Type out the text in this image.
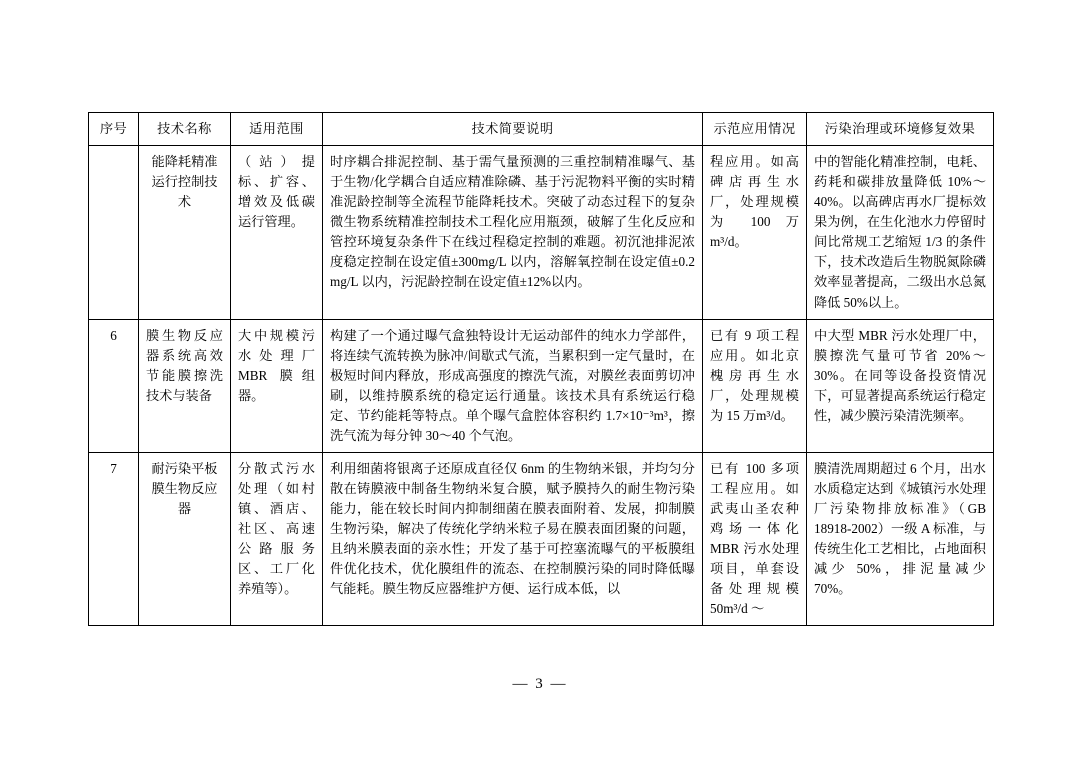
序号	技术名称	适用范围	技术简要说明	示范应用情况	污染治理或环境修复效果
	能降耗精准运行控制技术	（站）提标、扩容、增效及低碳运行管理。	时序耦合排泥控制、基于需气量预测的三重控制精准曝气、基于生物/化学耦合自适应精准除磷、基于污泥物料平衡的实时精准泥龄控制等全流程节能降耗技术。突破了动态过程下的复杂微生物系统精准控制技术工程化应用瓶颈，破解了生化反应和管控环境复杂条件下在线过程稳定控制的难题。初沉池排泥浓度稳定控制在设定值±300mg/L 以内，溶解氧控制在设定值±0.2 mg/L 以内，污泥龄控制在设定值±12%以内。	程应用。如高碑店再生水厂，处理规模为 100 万m³/d。	中的智能化精准控制，电耗、药耗和碳排放量降低 10%～40%。以高碑店再水厂提标效果为例，在生化池水力停留时间比常规工艺缩短 1/3 的条件下，技术改造后生物脱氮除磷效率显著提高，二级出水总氮降低 50%以上。
6	膜生物反应器系统高效节能膜擦洗技术与装备	大中规模污水处理厂MBR 膜组器。	构建了一个通过曝气盒独特设计无运动部件的纯水力学部件，将连续气流转换为脉冲/间歇式气流，当累积到一定气量时，在极短时间内释放，形成高强度的擦洗气流，对膜丝表面剪切冲刷，以维持膜系统的稳定运行通量。该技术具有系统运行稳定、节约能耗等特点。单个曝气盒腔体容积约 1.7×10⁻³m³，擦洗气流为每分钟 30～40 个气泡。	已有 9 项工程应用。如北京槐房再生水厂，处理规模为 15 万m³/d。	中大型 MBR 污水处理厂中，膜擦洗气量可节省 20%～30%。在同等设备投资情况下，可显著提高系统运行稳定性，减少膜污染清洗频率。
7	耐污染平板膜生物反应器	分散式污水处理（如村镇、酒店、社区、高速公路服务区、工厂化养殖等）。	利用细菌将银离子还原成直径仅 6nm 的生物纳米银，并均匀分散在铸膜液中制备生物纳米复合膜，赋予膜持久的耐生物污染能力，能在较长时间内抑制细菌在膜表面附着、发展，抑制膜生物污染，解决了传统化学纳米粒子易在膜表面团聚的问题，且纳米膜表面的亲水性；开发了基于可控塞流曝气的平板膜组件优化技术，优化膜组件的流态、在控制膜污染的同时降低曝气能耗。膜生物反应器维护方便、运行成本低，以	已有 100 多项工程应用。如武夷山圣农种鸡场一体化MBR 污水处理项目，单套设备处理规模50m³/d ～	膜清洗周期超过 6 个月，出水水质稳定达到《城镇污水处理厂污染物排放标准》（GB 18918-2002）一级 A 标准，与传统生化工艺相比，占地面积减少 50%，排泥量减少 70%。
— 3 —
